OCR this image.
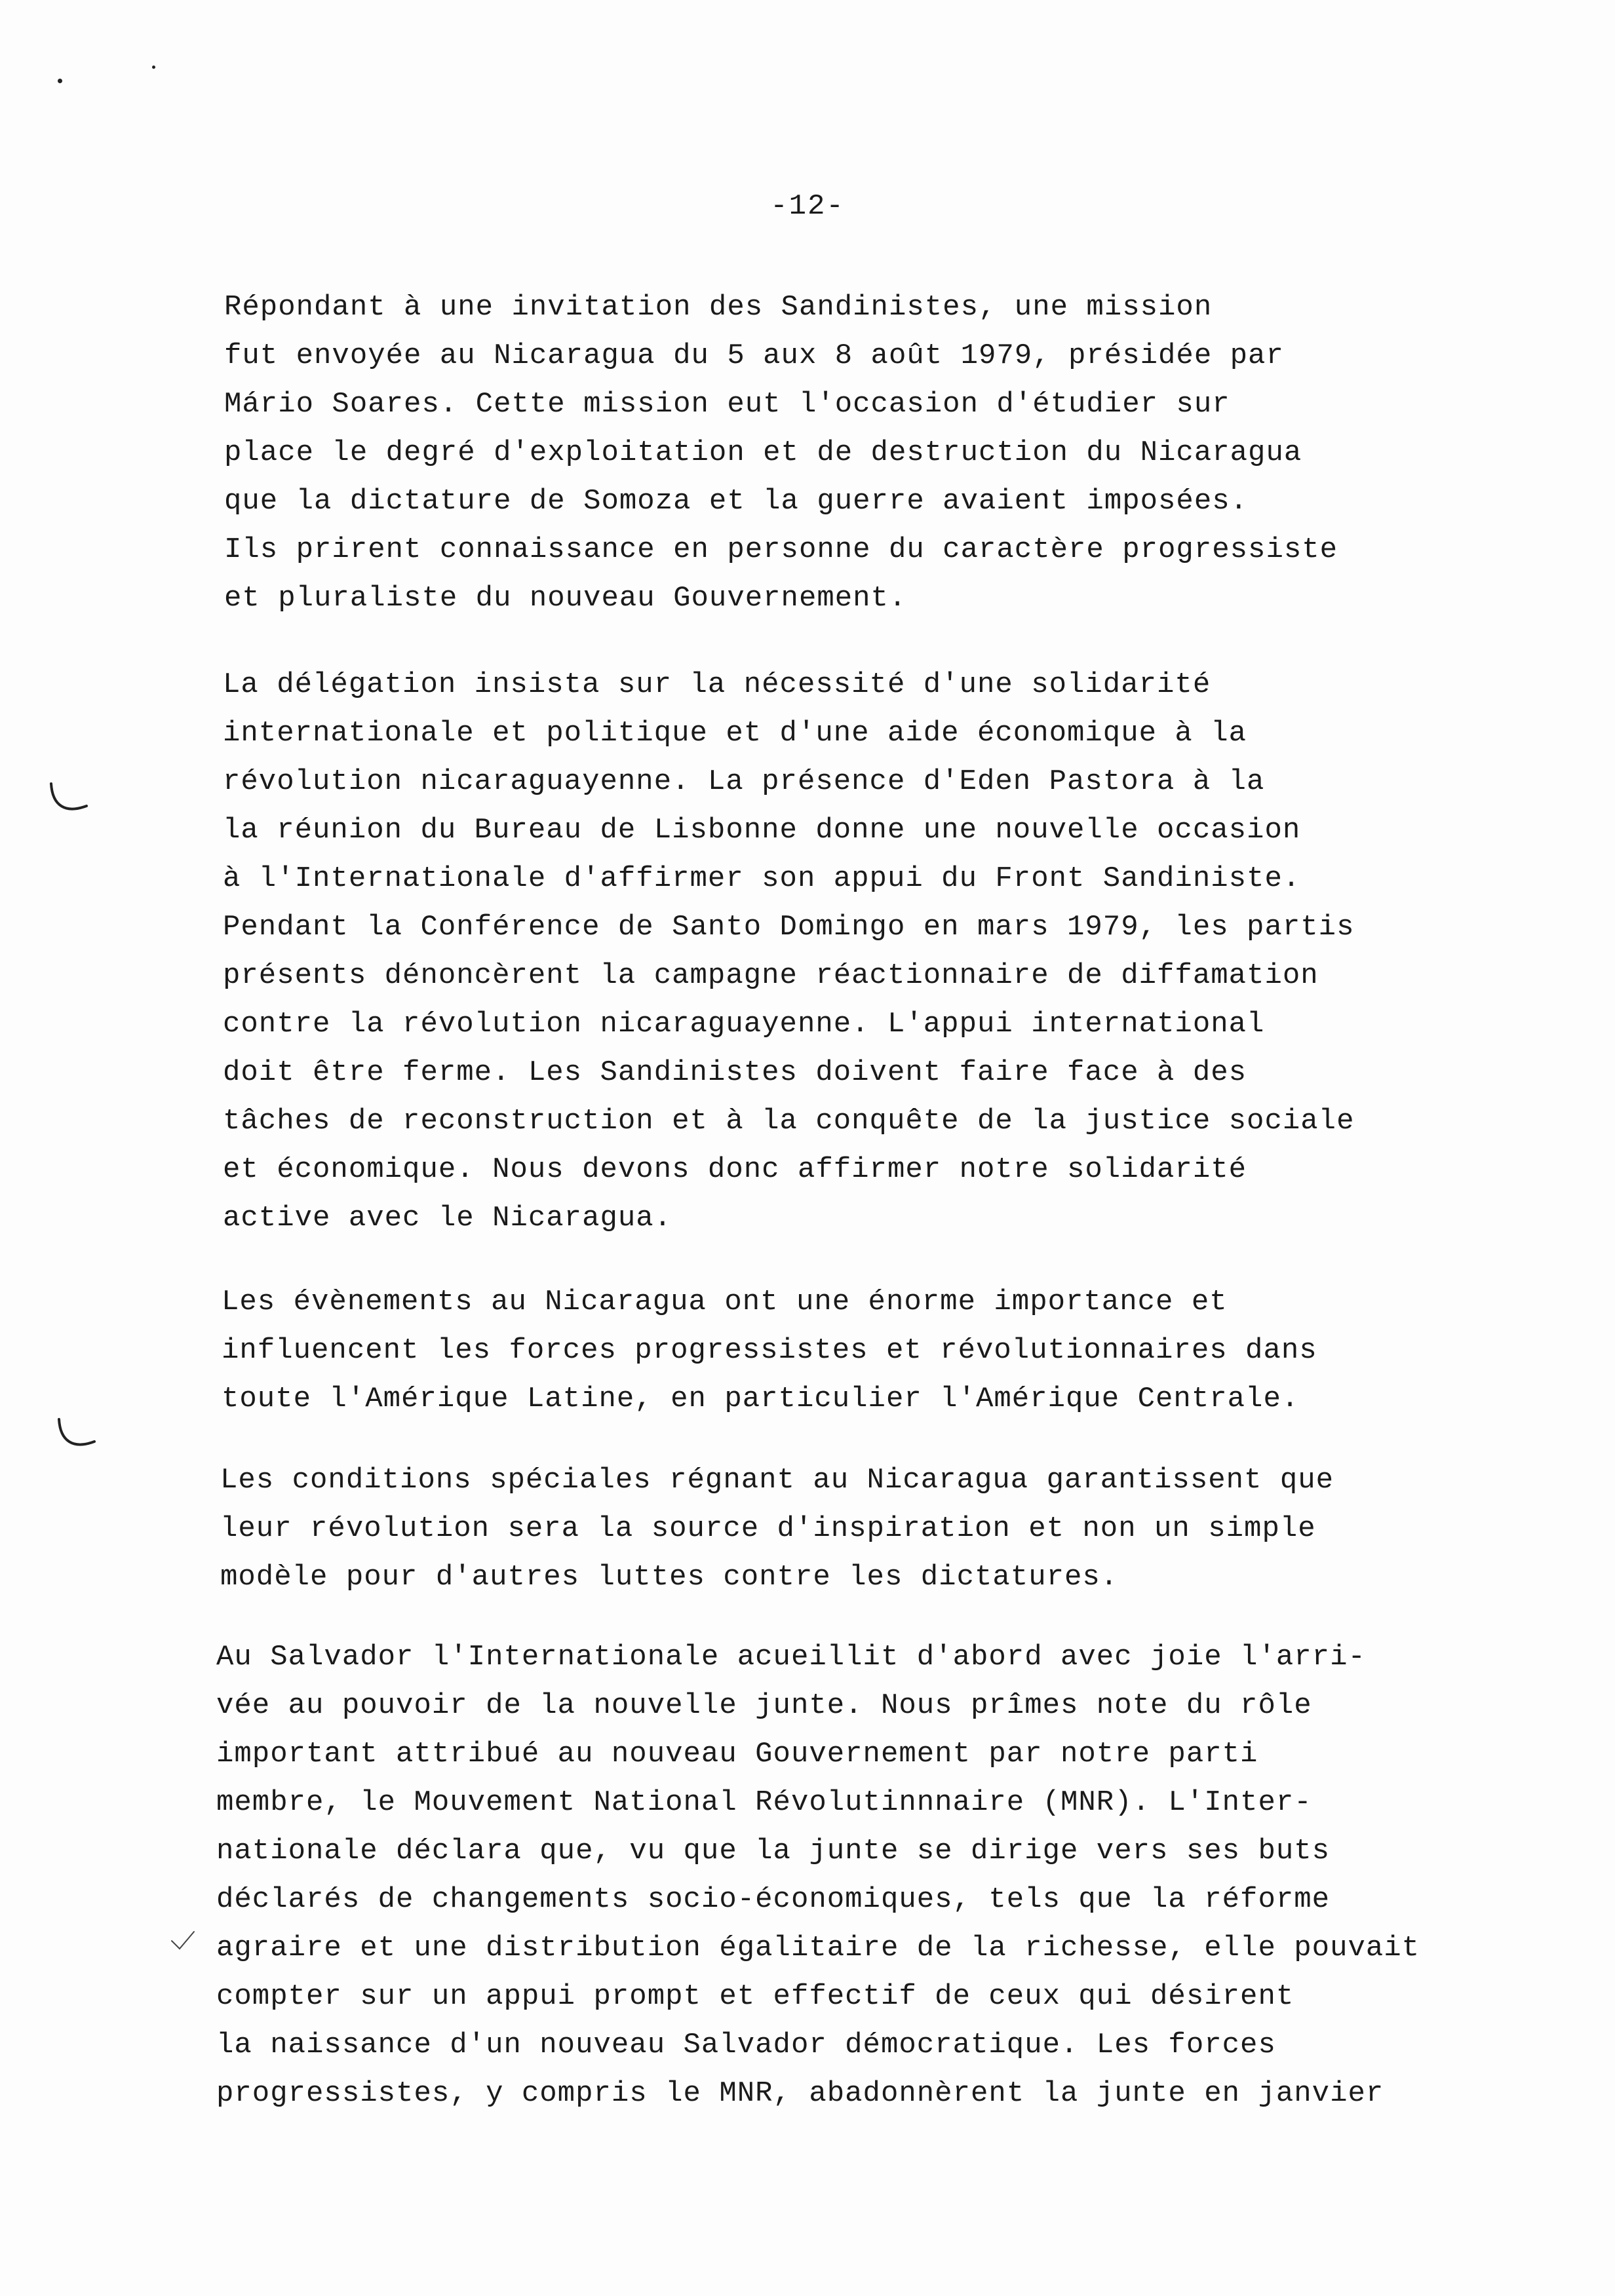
-12-
Répondant à une invitation des Sandinistes, une mission
fut envoyée au Nicaragua du 5 aux 8 août 1979, présidée par
Mário Soares. Cette mission eut l'occasion d'étudier sur
place le degré d'exploitation et de destruction du Nicaragua
que la dictature de Somoza et la guerre avaient imposées.
Ils prirent connaissance en personne du caractère progressiste
et pluraliste du nouveau Gouvernement.
La délégation insista sur la nécessité d'une solidarité
internationale et politique et d'une aide économique à la
révolution nicaraguayenne. La présence d'Eden Pastora à la
la réunion du Bureau de Lisbonne donne une nouvelle occasion
à l'Internationale d'affirmer son appui du Front Sandiniste.
Pendant la Conférence de Santo Domingo en mars 1979, les partis
présents dénoncèrent la campagne réactionnaire de diffamation
contre la révolution nicaraguayenne. L'appui international
doit être ferme. Les Sandinistes doivent faire face à des
tâches de reconstruction et à la conquête de la justice sociale
et économique. Nous devons donc affirmer notre solidarité
active avec le Nicaragua.
Les évènements au Nicaragua ont une énorme importance et
influencent les forces progressistes et révolutionnaires dans
toute l'Amérique Latine, en particulier l'Amérique Centrale.
Les conditions spéciales régnant au Nicaragua garantissent que
leur révolution sera la source d'inspiration et non un simple
modèle pour d'autres luttes contre les dictatures.
Au Salvador l'Internationale acueillit d'abord avec joie l'arri-
vée au pouvoir de la nouvelle junte. Nous prîmes note du rôle
important attribué au nouveau Gouvernement par notre parti
membre, le Mouvement National Révolutinnnaire (MNR). L'Inter-
nationale déclara que, vu que la junte se dirige vers ses buts
déclarés de changements socio-économiques, tels que la réforme
agraire et une distribution égalitaire de la richesse, elle pouvait
compter sur un appui prompt et effectif de ceux qui désirent
la naissance d'un nouveau Salvador démocratique. Les forces
progressistes, y compris le MNR, abadonnèrent la junte en janvier
